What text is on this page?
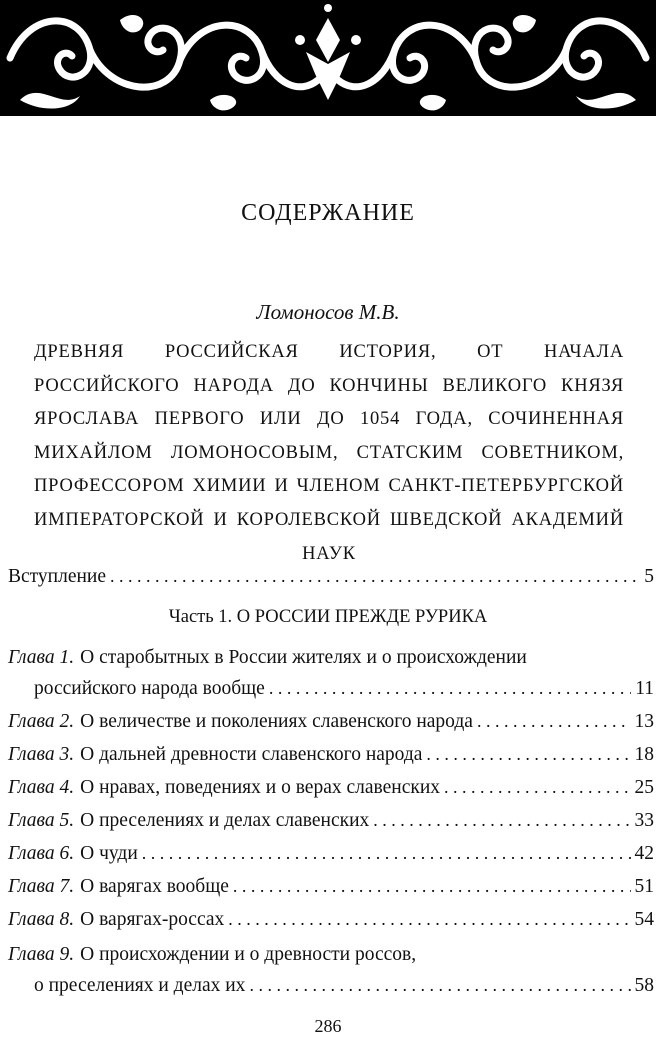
СОДЕРЖАНИЕ
Ломоносов М.В.
ДРЕВНЯЯ РОССИЙСКАЯ ИСТОРИЯ, ОТ НАЧАЛА РОССИЙСКОГО НАРОДА ДО КОНЧИНЫ ВЕЛИКОГО КНЯЗЯ ЯРОСЛАВА ПЕРВОГО ИЛИ ДО 1054 ГОДА, СОЧИНЕННАЯ МИХАЙЛОМ ЛОМОНОСОВЫМ, СТАТСКИМ СОВЕТНИКОМ, ПРОФЕССОРОМ ХИМИИ И ЧЛЕНОМ САНКТ-ПЕТЕРБУРГСКОЙ ИМПЕРАТОРСКОЙ И КОРОЛЕВСКОЙ ШВЕДСКОЙ АКАДЕМИЙ НАУК
Вступление . . .	5
Часть 1. О РОССИИ ПРЕЖДЕ РУРИКА
Глава 1. О старобытных в России жителях и о происхождении
российского народа вообще . . .	11
Глава 2. О величестве и поколениях славенского народа . . .	13
Глава 3. О дальней древности славенского народа . . .	18
Глава 4. О нравах, поведениях и о верах славенских . . .	25
Глава 5. О преселениях и делах славенских . . .	33
Глава 6. О чуди . . .	42
Глава 7. О варягах вообще . . .	51
Глава 8. О варягах-россах . . .	54
Глава 9. О происхождении и о древности россов,
о преселениях и делах их . . .	58
286
